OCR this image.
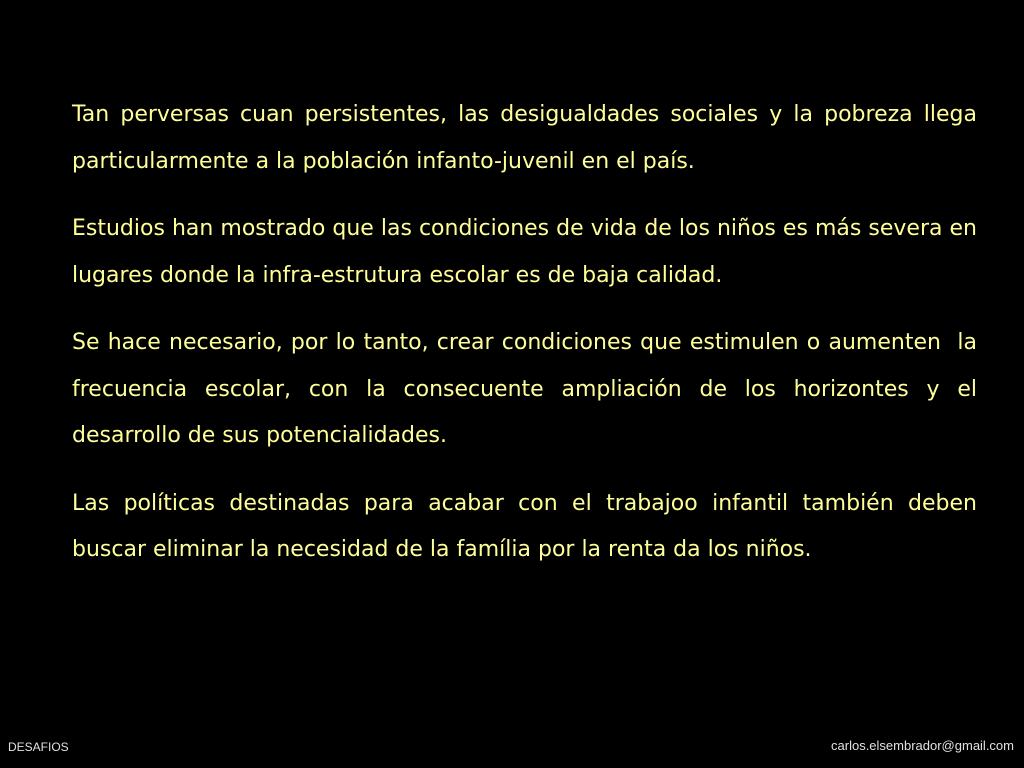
Tan perversas cuan persistentes, las desigualdades sociales y la pobreza llega particularmente a la población infanto-juvenil en el país.

Estudios han mostrado que las condiciones de vida de los niños es más severa en lugares donde la infra-estrutura escolar es de baja calidad.

Se hace necesario, por lo tanto, crear condiciones que estimulen o aumenten  la frecuencia escolar, con la consecuente ampliación de los horizontes y el desarrollo de sus potencialidades.

Las políticas destinadas para acabar con el trabajoo infantil también deben buscar eliminar la necesidad de la família por la renta da los niños.

DESAFIOS	carlos.elsembrador@gmail.com
